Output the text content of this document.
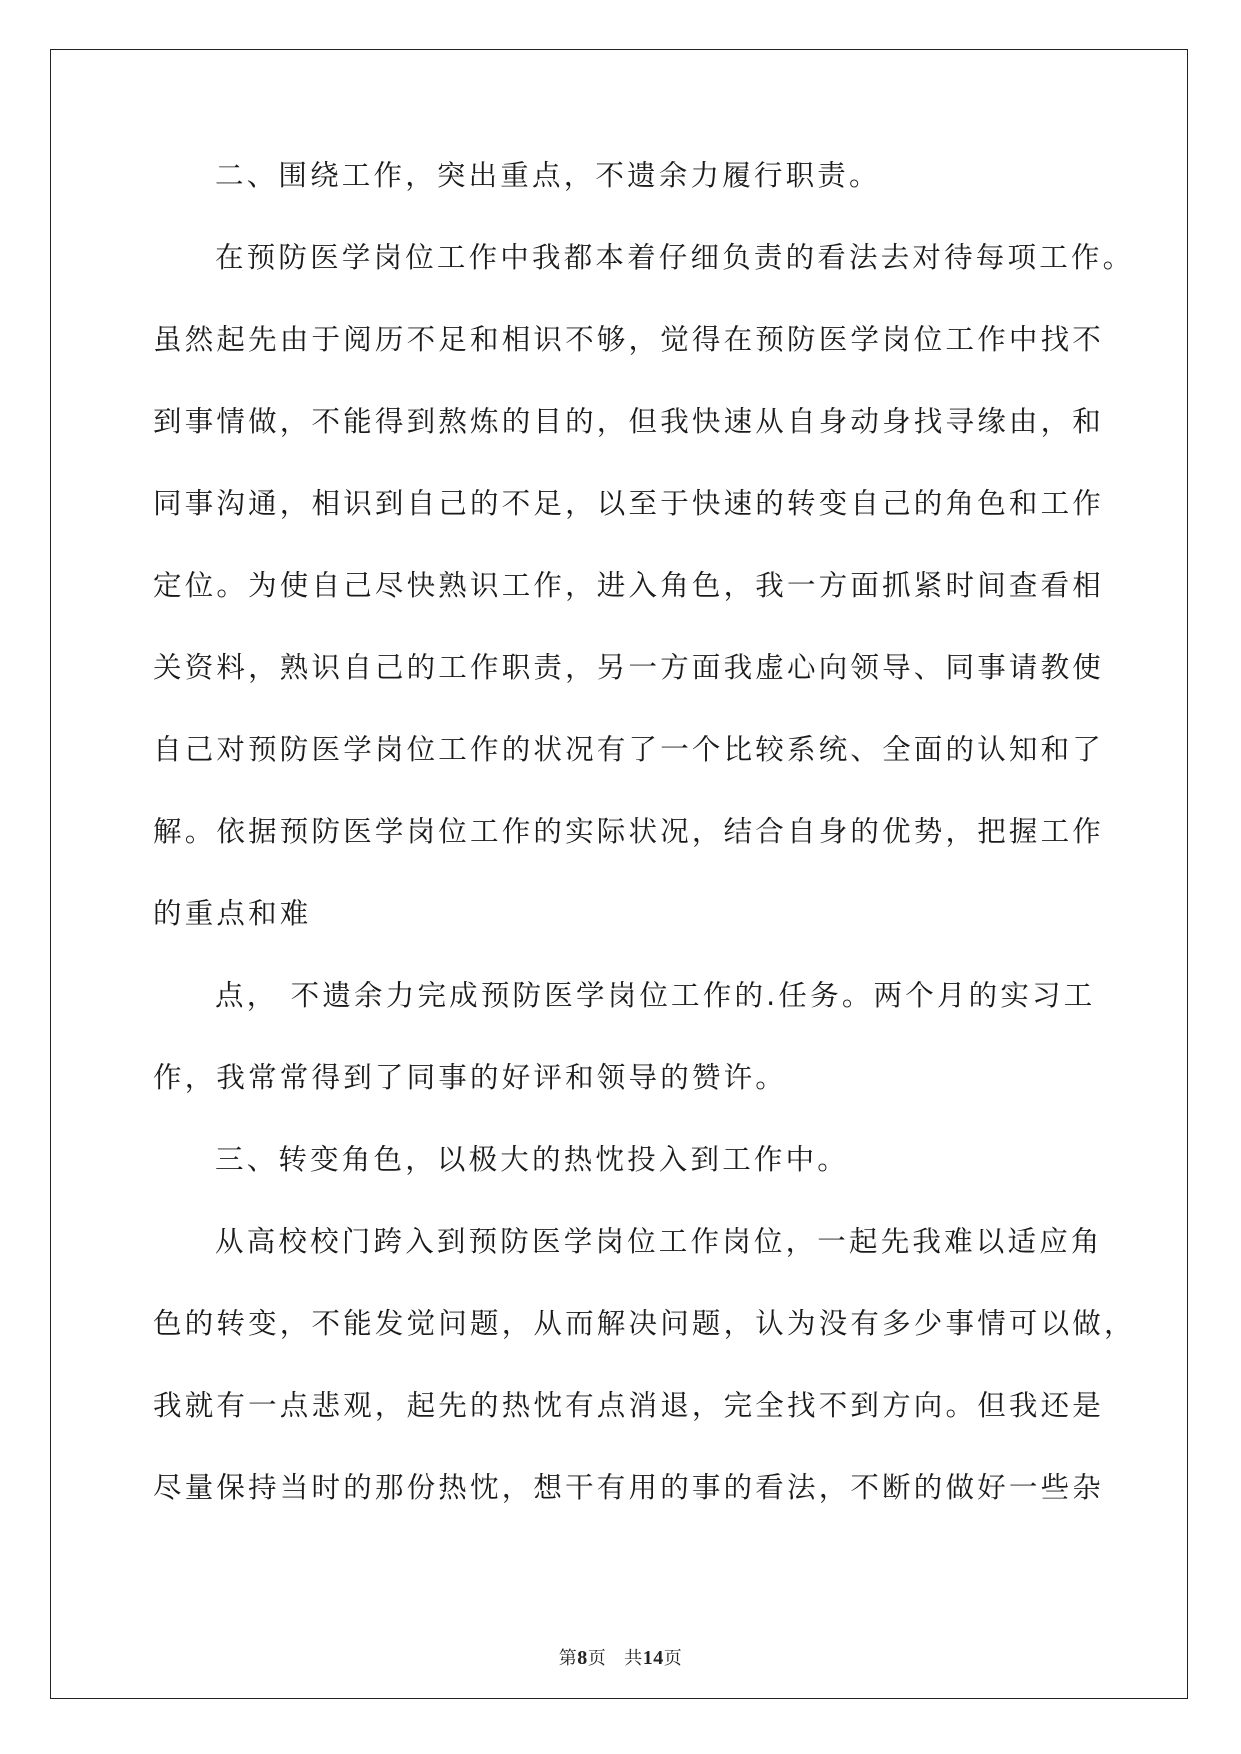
二、围绕工作，突出重点，不遗余力履行职责。
在预防医学岗位工作中我都本着仔细负责的看法去对待每项工作。
虽然起先由于阅历不足和相识不够，觉得在预防医学岗位工作中找不
到事情做，不能得到熬炼的目的，但我快速从自身动身找寻缘由，和
同事沟通，相识到自己的不足，以至于快速的转变自己的角色和工作
定位。为使自己尽快熟识工作，进入角色，我一方面抓紧时间查看相
关资料，熟识自己的工作职责，另一方面我虚心向领导、同事请教使
自己对预防医学岗位工作的状况有了一个比较系统、全面的认知和了
解。依据预防医学岗位工作的实际状况，结合自身的优势，把握工作
的重点和难
点， 不遗余力完成预防医学岗位工作的.任务。两个月的实习工
作，我常常得到了同事的好评和领导的赞许。
三、转变角色，以极大的热忱投入到工作中。
从高校校门跨入到预防医学岗位工作岗位，一起先我难以适应角
色的转变，不能发觉问题，从而解决问题，认为没有多少事情可以做，
我就有一点悲观，起先的热忱有点消退，完全找不到方向。但我还是
尽量保持当时的那份热忱，想干有用的事的看法，不断的做好一些杂
第8页 共14页
